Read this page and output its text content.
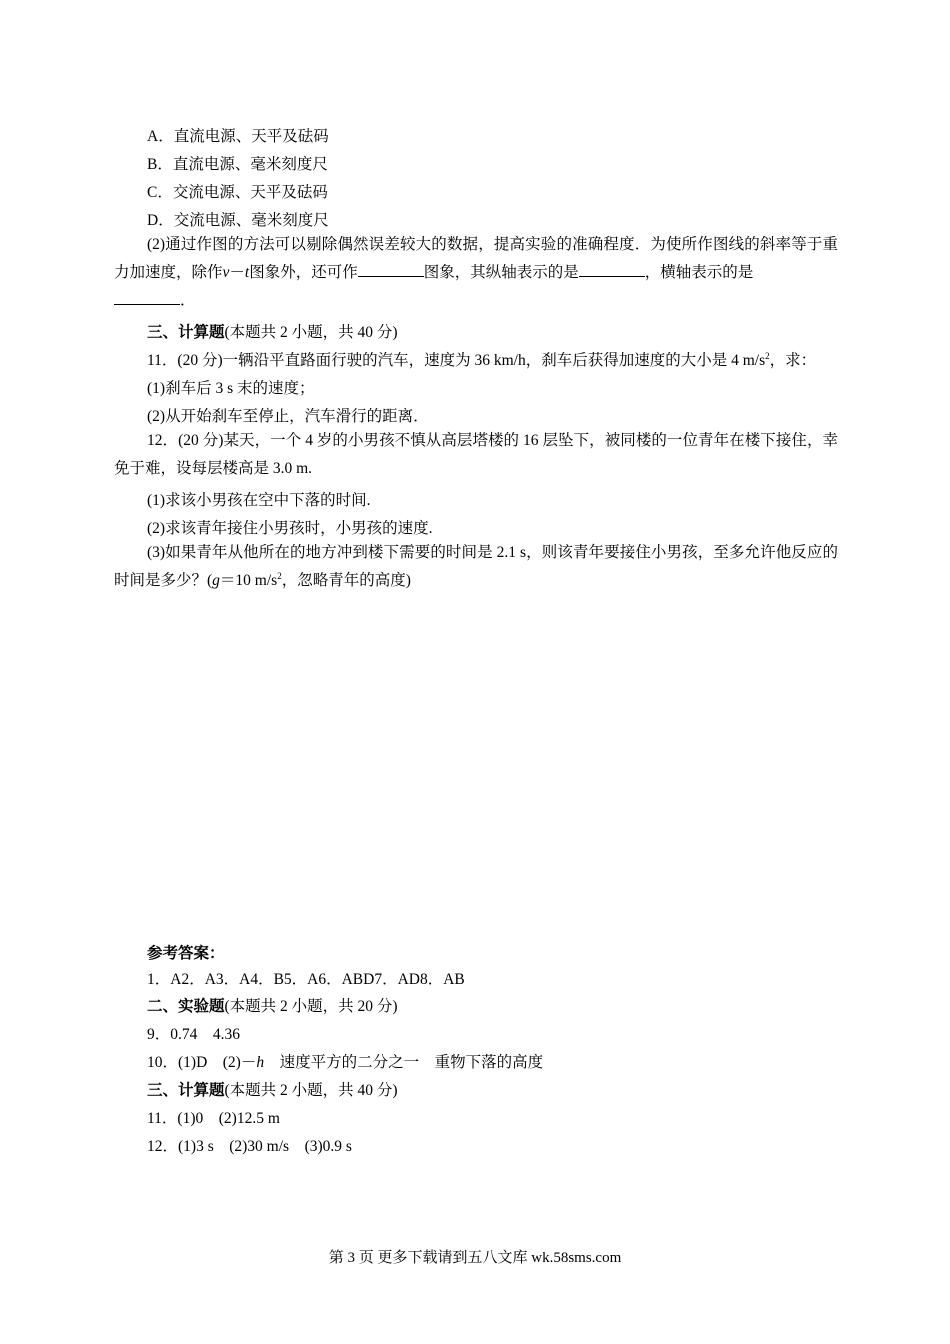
A．直流电源、天平及砝码
B．直流电源、毫米刻度尺
C．交流电源、天平及砝码
D．交流电源、毫米刻度尺
(2)通过作图的方法可以剔除偶然误差较大的数据，提高实验的准确程度．为使所作图线的斜率等于重力加速度，除作v－t图象外，还可作	图象，其纵轴表示的是	，横轴表示的是
．
三、计算题(本题共 2 小题，共 40 分)
11．(20 分)一辆沿平直路面行驶的汽车，速度为 36 km/h，刹车后获得加速度的大小是 4 $m/s^2$，求：
(1)刹车后 3 s 末的速度；
(2)从开始刹车至停止，汽车滑行的距离．
12．(20 分)某天，一个 4 岁的小男孩不慎从高层塔楼的 16 层坠下，被同楼的一位青年在楼下接住，幸免于难，设每层楼高是 3.0 m.
(1)求该小男孩在空中下落的时间.
(2)求该青年接住小男孩时，小男孩的速度.
(3)如果青年从他所在的地方冲到楼下需要的时间是 2.1 s，则该青年要接住小男孩，至多允许他反应的时间是多少？(g＝10 $m/s^2$，忽略青年的高度)
参考答案：
1．A2．A3．A4．B5．A6．ABD7．AD8．AB
二、实验题(本题共 2 小题，共 20 分)
9．0.74　4.36
10．(1)D　(2)－h　速度平方的二分之一　重物下落的高度
三、计算题(本题共 2 小题，共 40 分)
11．(1)0　(2)12.5 m
12．(1)3 s　(2)30 m/s　(3)0.9 s
第 3 页 更多下载请到五八文库 wk.58sms.com
